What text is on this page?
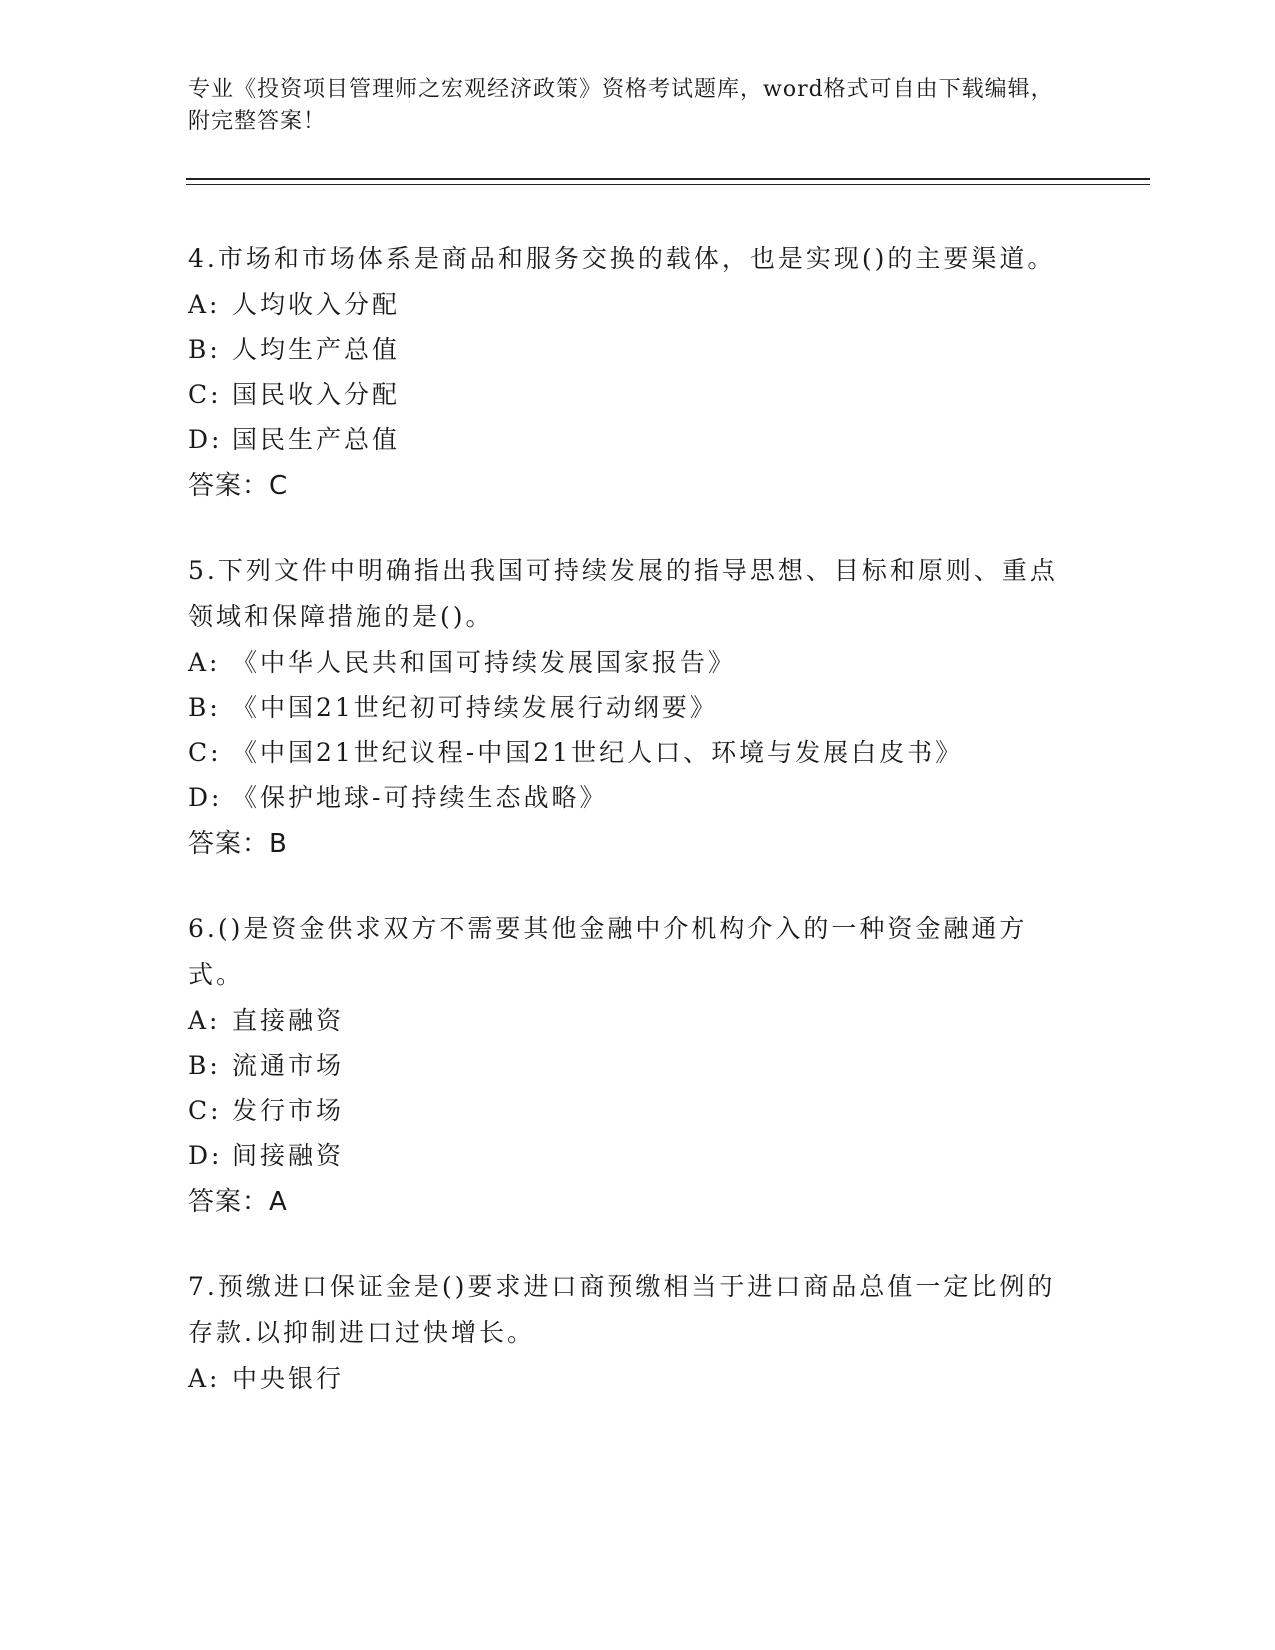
专业《投资项目管理师之宏观经济政策》资格考试题库，word格式可自由下载编辑，附完整答案！

4.市场和市场体系是商品和服务交换的载体，也是实现()的主要渠道。

A: 人均收入分配
B: 人均生产总值
C: 国民收入分配
D: 国民生产总值
答案：C

5.下列文件中明确指出我国可持续发展的指导思想、目标和原则、重点领域和保障措施的是()。

A: 《中华人民共和国可持续发展国家报告》
B: 《中国21世纪初可持续发展行动纲要》
C: 《中国21世纪议程-中国21世纪人口、环境与发展白皮书》
D: 《保护地球-可持续生态战略》
答案：B

6.()是资金供求双方不需要其他金融中介机构介入的一种资金融通方式。

A: 直接融资
B: 流通市场
C: 发行市场
D: 间接融资
答案：A

7.预缴进口保证金是()要求进口商预缴相当于进口商品总值一定比例的存款.以抑制进口过快增长。

A: 中央银行
